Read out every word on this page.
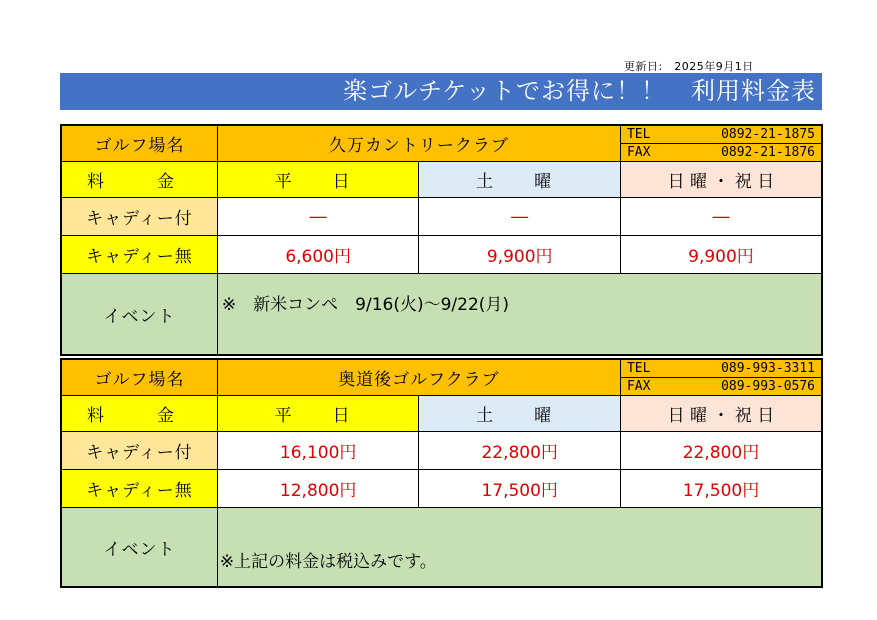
更新日:　2025年9月1日
楽ゴルチケットでお得に！！　利用料金表
ゴルフ場名	久万カントリークラブ		TEL 0892-21-1875
FAX 0892-21-1876

料　金	平　日	土　曜	日 曜 ・ 祝 日
キャディー付	―	―	―
キャディー無	6,600円	9,900円	9,900円
イベント	※　新米コンペ　9/16(火)～9/22(月)		
ゴルフ場名	奥道後ゴルフクラブ		TEL 089-993-3311
FAX 089-993-0576

料　金	平　日	土　曜	日 曜 ・ 祝 日
キャディー付	16,100円	22,800円	22,800円
キャディー無	12,800円	17,500円	17,500円
イベント	※上記の料金は税込みです。		
